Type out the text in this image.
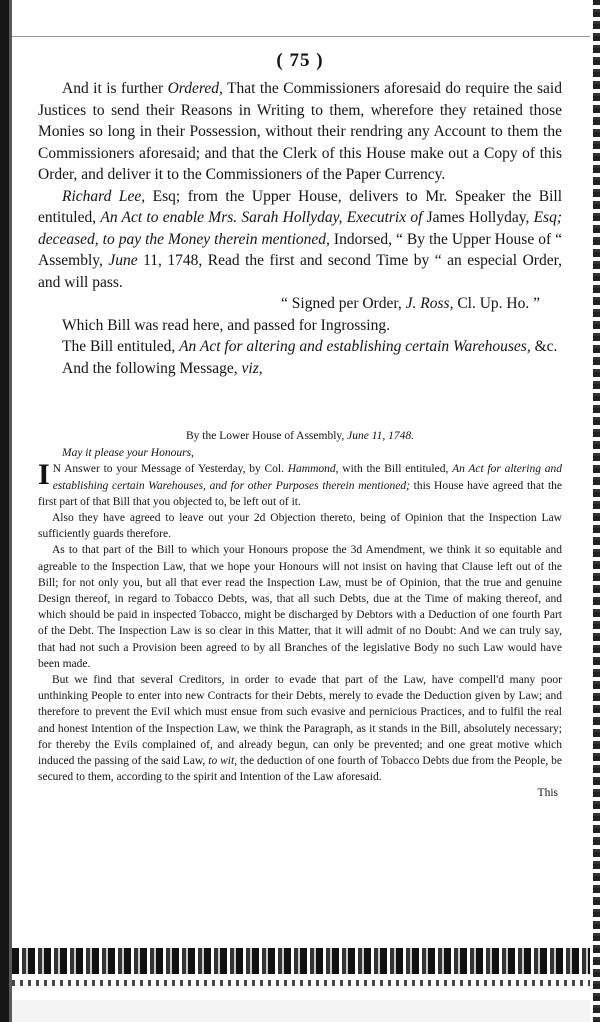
( 75 )

And it is further Ordered, That the Commissioners aforesaid do require the said Justices to send their Reasons in Writing to them, wherefore they retained those Monies so long in their Possession, without their rendring any Account to them the Commissioners aforesaid; and that the Clerk of this House make out a Copy of this Order, and deliver it to the Commissioners of the Paper Currency.

Richard Lee, Esq; from the Upper House, delivers to Mr. Speaker the Bill entituled, An Act to enable Mrs. Sarah Hollyday, Executrix of James Hollyday, Esq; deceased, to pay the Money therein mentioned, Indorsed, “ By the Upper House of “ Assembly, June 11, 1748, Read the first and second Time by “ an especial Order, and will pass.

“ Signed per Order, J. Ross, Cl. Up. Ho. ”

Which Bill was read here, and passed for Ingrossing.

The Bill entituled, An Act for altering and establishing certain Warehouses, &c.

And the following Message, viz,

By the Lower House of Assembly, June 11, 1748.

May it please your Honours,

I N Answer to your Message of Yesterday, by Col. Hammond, with the Bill entituled, An Act for altering and establishing certain Warehouses, and for other Purposes therein mentioned; this House have agreed that the first part of that Bill that you objected to, be left out of it.

Also they have agreed to leave out your 2d Objection thereto, being of Opinion that the Inspection Law sufficiently guards therefore.

As to that part of the Bill to which your Honours propose the 3d Amendment, we think it so equitable and agreable to the Inspection Law, that we hope your Honours will not insist on having that Clause left out of the Bill; for not only you, but all that ever read the Inspection Law, must be of Opinion, that the true and genuine Design thereof, in regard to Tobacco Debts, was, that all such Debts, due at the Time of making thereof, and which should be paid in inspected Tobacco, might be discharged by Debtors with a Deduction of one fourth Part of the Debt. The Inspection Law is so clear in this Matter, that it will admit of no Doubt: And we can truly say, that had not such a Provision been agreed to by all Branches of the legislative Body no such Law would have been made.

But we find that several Creditors, in order to evade that part of the Law, have compell'd many poor unthinking People to enter into new Contracts for their Debts, merely to evade the Deduction given by Law; and therefore to prevent the Evil which must ensue from such evasive and pernicious Practices, and to fulfil the real and honest Intention of the Inspection Law, we think the Paragraph, as it stands in the Bill, absolutely necessary; for thereby the Evils complained of, and already begun, can only be prevented; and one great motive which induced the passing of the said Law, to wit, the deduction of one fourth of Tobacco Debts due from the People, be secured to them, according to the spirit and Intention of the Law aforesaid.

This
